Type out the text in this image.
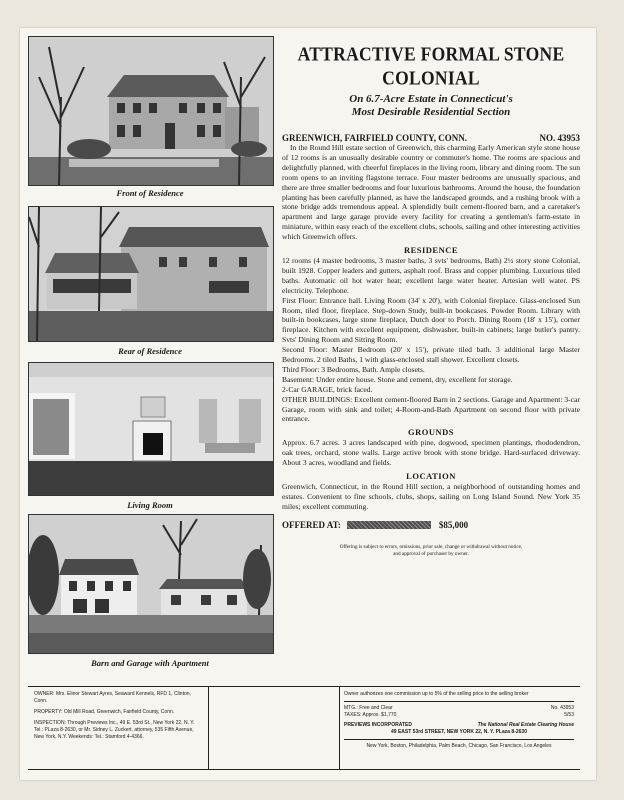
Front of Residence
Rear of Residence
Living Room
Barn and Garage with Apartment
ATTRACTIVE FORMAL STONE COLONIAL
On 6.7-Acre Estate in Connecticut's
Most Desirable Residential Section
GREENWICH, FAIRFIELD COUNTY, CONN.	NO. 43953

In the Round Hill estate section of Greenwich, this charming Early American style stone house of 12 rooms is an unusually desirable country or commuter's home. The rooms are spacious and delightfully planned, with cheerful fireplaces in the living room, library and dining room. The sun room opens to an inviting flagstone terrace. Four master bedrooms are unusually spacious, and there are three smaller bedrooms and four luxurious bathrooms. Around the house, the foundation planting has been carefully planned, as have the landscaped grounds, and a rushing brook with a stone bridge adds tremendous appeal. A splendidly built cement-floored barn, and a caretaker's apartment and large garage provide every facility for creating a gentleman's farm-estate in miniature, within easy reach of the excellent clubs, schools, sailing and other interesting activities which Greenwich offers.

RESIDENCE

12 rooms (4 master bedrooms, 3 master baths, 3 svts' bedrooms, Bath) 2½ story stone Colonial, built 1928. Copper leaders and gutters, asphalt roof. Brass and copper plumbing. Luxurious tiled baths. Automatic oil hot water heat; excellent large water heater. Artesian well water. PS electricity. Telephone.

First Floor: Entrance hall. Living Room (34' x 20'), with Colonial fireplace. Glass-enclosed Sun Room, tiled floor, fireplace. Step-down Study, built-in bookcases. Powder Room. Library with built-in bookcases, large stone fireplace, Dutch door to Porch. Dining Room (18' x 15'), corner fireplace. Kitchen with excellent equipment, dishwasher, built-in cabinets; large butler's pantry. Svts' Dining Room and Sitting Room.

Second Floor: Master Bedroom (20' x 15'), private tiled bath. 3 additional large Master Bedrooms. 2 tiled Baths, 1 with glass-enclosed stall shower. Excellent closets.

Third Floor: 3 Bedrooms, Bath. Ample closets.

Basement: Under entire house. Stone and cement, dry, excellent for storage.

2-Car GARAGE, brick faced.

OTHER BUILDINGS: Excellent cement-floored Barn in 2 sections. Garage and Apartment: 3-car Garage, room with sink and toilet; 4-Room-and-Bath Apartment on second floor with private entrance.

GROUNDS

Approx. 6.7 acres. 3 acres landscaped with pine, dogwood, specimen plantings, rhododendron, oak trees, orchard, stone walls. Large active brook with stone bridge. Hard-surfaced driveway. About 3 acres, woodland and fields.

LOCATION

Greenwich, Connecticut, in the Round Hill section, a neighborhood of outstanding homes and estates. Convenient to fine schools, clubs, shops, sailing on Long Island Sound. New York 35 miles; excellent commuting.

OFFERED AT:	$85,000
Offering is subject to errors, omissions, prior sale, change or withdrawal without notice,
and approval of purchaser by owner.
OWNER: Mrs. Elinor Stewart Ayres, Seaward Kennels, RFD 1, Clinton, Conn.
PROPERTY: Old Mill Road, Greenwich, Fairfield County, Conn.
INSPECTION: Through Previews Inc., 49 E. 53rd St., New York 22, N. Y. Tel.: PLaza 8-2630, or Mr. Sidney L. Zuckert, attorney, 535 Fifth Avenue, New York, N.Y. Weekends: Tel.: Stamford 4-4366.
Owner authorizes one commission up to 5% of the selling price to the selling broker
MTG.: Free and Clear	No. 43953
TAXES: Approx. $1,770	5/53
PREVIEWS INCORPORATED	The National Real Estate Clearing House
49 EAST 53rd STREET, NEW YORK 22, N. Y. PLaza 8-2630
New York, Boston, Philadelphia, Palm Beach, Chicago, San Francisco, Los Angeles
